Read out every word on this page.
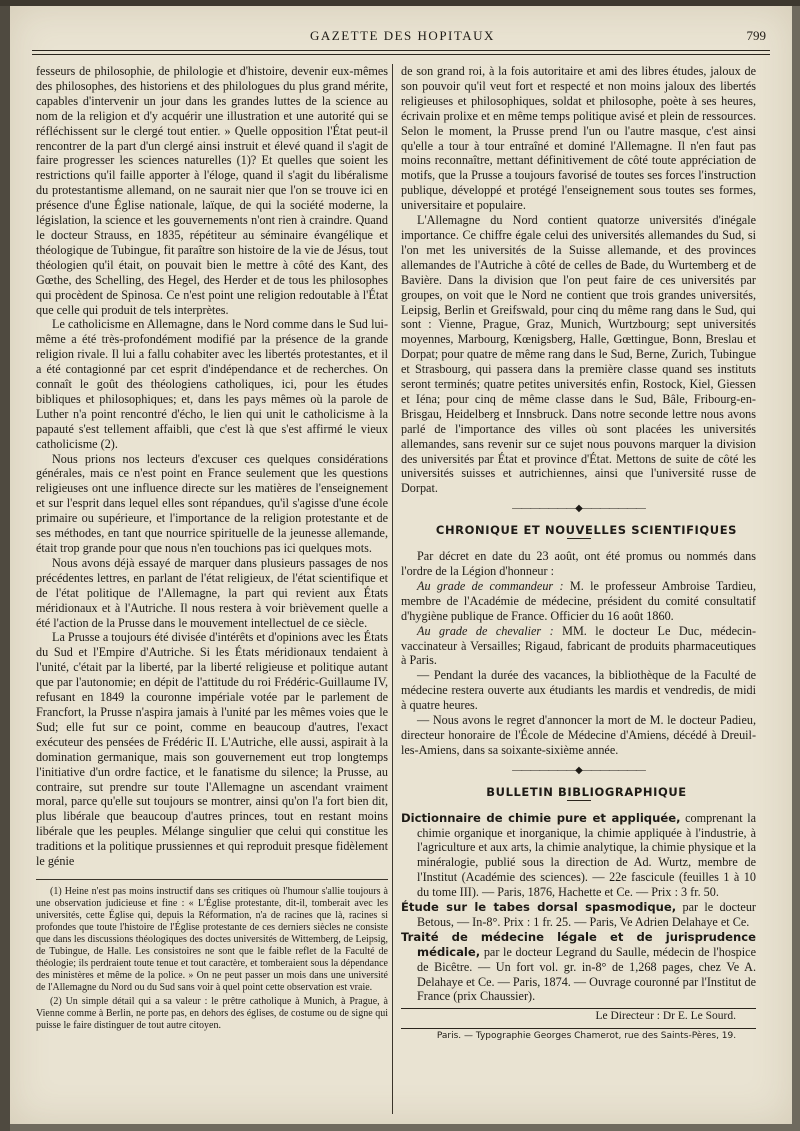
GAZETTE DES HOPITAUX	799

fesseurs de philosophie, de philologie et d'histoire, devenir eux-mêmes des philosophes, des historiens et des philologues du plus grand mérite, capables d'intervenir un jour dans les grandes luttes de la science au nom de la religion et d'y acquérir une illustration et une autorité qui se réfléchissent sur le clergé tout entier. » Quelle opposition l'État peut-il rencontrer de la part d'un clergé ainsi instruit et élevé quand il s'agit de faire progresser les sciences naturelles (1)? Et quelles que soient les restrictions qu'il faille apporter à l'éloge, quand il s'agit du libéralisme du protestantisme allemand, on ne saurait nier que l'on se trouve ici en présence d'une Église nationale, laïque, de qui la société moderne, la législation, la science et les gouvernements n'ont rien à craindre. Quand le docteur Strauss, en 1835, répétiteur au séminaire évangélique et théologique de Tubingue, fit paraître son histoire de la vie de Jésus, tout théologien qu'il était, on pouvait bien le mettre à côté des Kant, des Gœthe, des Schelling, des Hegel, des Herder et de tous les philosophes qui procèdent de Spinosa. Ce n'est point une religion redoutable à l'État que celle qui produit de tels interprètes.

Le catholicisme en Allemagne, dans le Nord comme dans le Sud lui-même a été très-profondément modifié par la présence de la grande religion rivale. Il lui a fallu cohabiter avec les libertés protestantes, et il a été contagionné par cet esprit d'indépendance et de recherches. On connaît le goût des théologiens catholiques, ici, pour les études bibliques et philosophiques; et, dans les pays mêmes où la parole de Luther n'a point rencontré d'écho, le lien qui unit le catholicisme à la papauté s'est tellement affaibli, que c'est là que s'est affirmé le vieux catholicisme (2).

Nous prions nos lecteurs d'excuser ces quelques considérations générales, mais ce n'est point en France seulement que les questions religieuses ont une influence directe sur les matières de l'enseignement et sur l'esprit dans lequel elles sont répandues, qu'il s'agisse d'une école primaire ou supérieure, et l'importance de la religion protestante et de ses méthodes, en tant que nourrice spirituelle de la jeunesse allemande, était trop grande pour que nous n'en touchions pas ici quelques mots.

Nous avons déjà essayé de marquer dans plusieurs passages de nos précédentes lettres, en parlant de l'état religieux, de l'état scientifique et de l'état politique de l'Allemagne, la part qui revient aux États méridionaux et à l'Autriche. Il nous restera à voir brièvement quelle a été l'action de la Prusse dans le mouvement intellectuel de ce siècle.

La Prusse a toujours été divisée d'intérêts et d'opinions avec les États du Sud et l'Empire d'Autriche. Si les États méridionaux tendaient à l'unité, c'était par la liberté, par la liberté religieuse et politique autant que par l'autonomie; en dépit de l'attitude du roi Frédéric-Guillaume IV, refusant en 1849 la couronne impériale votée par le parlement de Francfort, la Prusse n'aspira jamais à l'unité par les mêmes voies que le Sud; elle fut sur ce point, comme en beaucoup d'autres, l'exact exécuteur des pensées de Frédéric II. L'Autriche, elle aussi, aspirait à la domination germanique, mais son gouvernement eut trop longtemps l'initiative d'un ordre factice, et le fanatisme du silence; la Prusse, au contraire, sut prendre sur toute l'Allemagne un ascendant vraiment moral, parce qu'elle sut toujours se montrer, ainsi qu'on l'a fort bien dit, plus libérale que beaucoup d'autres princes, tout en restant moins libérale que les peuples. Mélange singulier que celui qui constitue les traditions et la politique prussiennes et qui reproduit presque fidèlement le génie

(1) Heine n'est pas moins instructif dans ses critiques où l'humour s'allie toujours à une observation judicieuse et fine : « L'Église protestante, dit-il, tomberait avec les universités, cette Église qui, depuis la Réformation, n'a de racines que là, racines si profondes que toute l'histoire de l'Église protestante de ces derniers siècles ne consiste que dans les discussions théologiques des doctes universités de Wittemberg, de Leipsig, de Tubingue, de Halle. Les consistoires ne sont que le faible reflet de la Faculté de théologie; ils perdraient toute tenue et tout caractère, et tomberaient sous la dépendance des ministères et même de la police. » On ne peut passer un mois dans une université de l'Allemagne du Nord ou du Sud sans voir à quel point cette observation est vraie.

(2) Un simple détail qui a sa valeur : le prêtre catholique à Munich, à Prague, à Vienne comme à Berlin, ne porte pas, en dehors des églises, de costume ou de signe qui puisse le faire distinguer de tout autre citoyen.

de son grand roi, à la fois autoritaire et ami des libres études, jaloux de son pouvoir qu'il veut fort et respecté et non moins jaloux des libertés religieuses et philosophiques, soldat et philosophe, poète à ses heures, écrivain prolixe et en même temps politique avisé et plein de ressources. Selon le moment, la Prusse prend l'un ou l'autre masque, c'est ainsi qu'elle a tour à tour entraîné et dominé l'Allemagne. Il n'en faut pas moins reconnaître, mettant définitivement de côté toute appréciation de motifs, que la Prusse a toujours favorisé de toutes ses forces l'instruction publique, développé et protégé l'enseignement sous toutes ses formes, universitaire et populaire.

L'Allemagne du Nord contient quatorze universités d'inégale importance. Ce chiffre égale celui des universités allemandes du Sud, si l'on met les universités de la Suisse allemande, et des provinces allemandes de l'Autriche à côté de celles de Bade, du Wurtemberg et de Bavière. Dans la division que l'on peut faire de ces universités par groupes, on voit que le Nord ne contient que trois grandes universités, Leipsig, Berlin et Greifswald, pour cinq du même rang dans le Sud, qui sont : Vienne, Prague, Graz, Munich, Wurtzbourg; sept universités moyennes, Marbourg, Kœnigsberg, Halle, Gœttingue, Bonn, Breslau et Dorpat; pour quatre de même rang dans le Sud, Berne, Zurich, Tubingue et Strasbourg, qui passera dans la première classe quand ses instituts seront terminés; quatre petites universités enfin, Rostock, Kiel, Giessen et Iéna; pour cinq de même classe dans le Sud, Bâle, Fribourg-en-Brisgau, Heidelberg et Innsbruck. Dans notre seconde lettre nous avons parlé de l'importance des villes où sont placées les universités allemandes, sans revenir sur ce sujet nous pouvons marquer la division des universités par État et province d'État. Mettons de suite de côté les universités suisses et autrichiennes, ainsi que l'université russe de Dorpat.

———————◆———————

CHRONIQUE ET NOUVELLES SCIENTIFIQUES

Par décret en date du 23 août, ont été promus ou nommés dans l'ordre de la Légion d'honneur :

Au grade de commandeur : M. le professeur Ambroise Tardieu, membre de l'Académie de médecine, président du comité consultatif d'hygiène publique de France. Officier du 16 août 1860.

Au grade de chevalier : MM. le docteur Le Duc, médecin-vaccinateur à Versailles; Rigaud, fabricant de produits pharmaceutiques à Paris.

— Pendant la durée des vacances, la bibliothèque de la Faculté de médecine restera ouverte aux étudiants les mardis et vendredis, de midi à quatre heures.

— Nous avons le regret d'annoncer la mort de M. le docteur Padieu, directeur honoraire de l'École de Médecine d'Amiens, décédé à Dreuil-les-Amiens, dans sa soixante-sixième année.

———————◆———————

BULLETIN BIBLIOGRAPHIQUE

Dictionnaire de chimie pure et appliquée, comprenant la chimie organique et inorganique, la chimie appliquée à l'industrie, à l'agriculture et aux arts, la chimie analytique, la chimie physique et la minéralogie, publié sous la direction de Ad. Wurtz, membre de l'Institut (Académie des sciences). — 22e fascicule (feuilles 1 à 10 du tome III). — Paris, 1876, Hachette et Ce. — Prix : 3 fr. 50.

Étude sur le tabes dorsal spasmodique, par le docteur Betous, — In-8°. Prix : 1 fr. 25. — Paris, Ve Adrien Delahaye et Ce.

Traité de médecine légale et de jurisprudence médicale, par le docteur Legrand du Saulle, médecin de l'hospice de Bicêtre. — Un fort vol. gr. in-8° de 1,268 pages, chez Ve A. Delahaye et Ce. — Paris, 1874. — Ouvrage couronné par l'Institut de France (prix Chaussier).

Le Directeur : Dr E. Le Sourd.

Paris. — Typographie Georges Chamerot, rue des Saints-Pères, 19.
